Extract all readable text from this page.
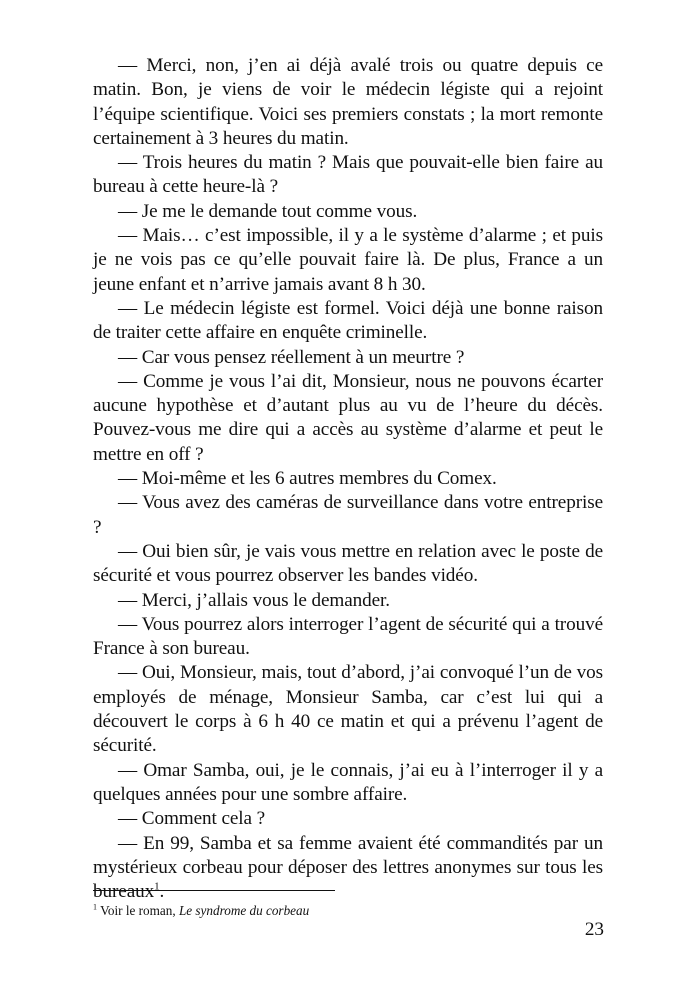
— Merci, non, j’en ai déjà avalé trois ou quatre depuis ce matin. Bon, je viens de voir le médecin légiste qui a rejoint l’équipe scientifique. Voici ses premiers constats ; la mort remonte certainement à 3 heures du matin.

— Trois heures du matin ? Mais que pouvait-elle bien faire au bureau à cette heure-là ?

— Je me le demande tout comme vous.

— Mais… c’est impossible, il y a le système d’alarme ; et puis je ne vois pas ce qu’elle pouvait faire là. De plus, France a un jeune enfant et n’arrive jamais avant 8 h 30.

— Le médecin légiste est formel. Voici déjà une bonne raison de traiter cette affaire en enquête criminelle.

— Car vous pensez réellement à un meurtre ?

— Comme je vous l’ai dit, Monsieur, nous ne pouvons écarter aucune hypothèse et d’autant plus au vu de l’heure du décès. Pouvez-vous me dire qui a accès au système d’alarme et peut le mettre en off ?

— Moi-même et les 6 autres membres du Comex.

— Vous avez des caméras de surveillance dans votre entreprise ?

— Oui bien sûr, je vais vous mettre en relation avec le poste de sécurité et vous pourrez observer les bandes vidéo.

— Merci, j’allais vous le demander.

— Vous pourrez alors interroger l’agent de sécurité qui a trouvé France à son bureau.

— Oui, Monsieur, mais, tout d’abord, j’ai convoqué l’un de vos employés de ménage, Monsieur Samba, car c’est lui qui a découvert le corps à 6 h 40 ce matin et qui a prévenu l’agent de sécurité.

— Omar Samba, oui, je le connais, j’ai eu à l’interroger il y a quelques années pour une sombre affaire.

— Comment cela ?

— En 99, Samba et sa femme avaient été commandités par un mystérieux corbeau pour déposer des lettres anonymes sur tous les bureaux$^1$.

$^1$ Voir le roman, Le syndrome du corbeau
23
